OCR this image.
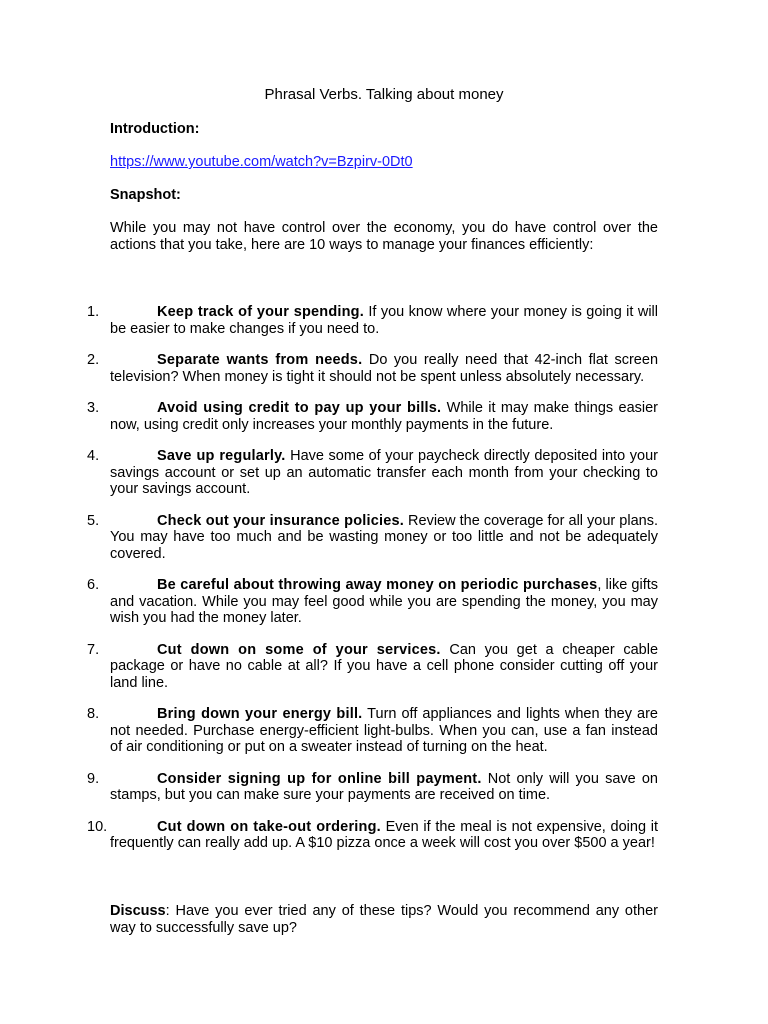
Phrasal Verbs. Talking about money
Introduction:
https://www.youtube.com/watch?v=Bzpirv-0Dt0
Snapshot:
While you may not have control over the economy, you do have control over the actions that you take, here are 10 ways to manage your finances efficiently:
1.	Keep track of your spending. If you know where your money is going it will be easier to make changes if you need to.
2.	Separate wants from needs. Do you really need that 42-inch flat screen television? When money is tight it should not be spent unless absolutely necessary.
3.	Avoid using credit to pay up your bills. While it may make things easier now, using credit only increases your monthly payments in the future.
4.	Save up regularly. Have some of your paycheck directly deposited into your savings account or set up an automatic transfer each month from your checking to your savings account.
5.	Check out your insurance policies. Review the coverage for all your plans. You may have too much and be wasting money or too little and not be adequately covered.
6.	Be careful about throwing away money on periodic purchases, like gifts and vacation. While you may feel good while you are spending the money, you may wish you had the money later.
7.	Cut down on some of your services. Can you get a cheaper cable package or have no cable at all? If you have a cell phone consider cutting off your land line.
8.	Bring down your energy bill. Turn off appliances and lights when they are not needed. Purchase energy-efficient light-bulbs. When you can, use a fan instead of air conditioning or put on a sweater instead of turning on the heat.
9.	Consider signing up for online bill payment. Not only will you save on stamps, but you can make sure your payments are received on time.
10.	Cut down on take-out ordering. Even if the meal is not expensive, doing it frequently can really add up. A $10 pizza once a week will cost you over $500 a year!
Discuss: Have you ever tried any of these tips? Would you recommend any other way to successfully save up?
